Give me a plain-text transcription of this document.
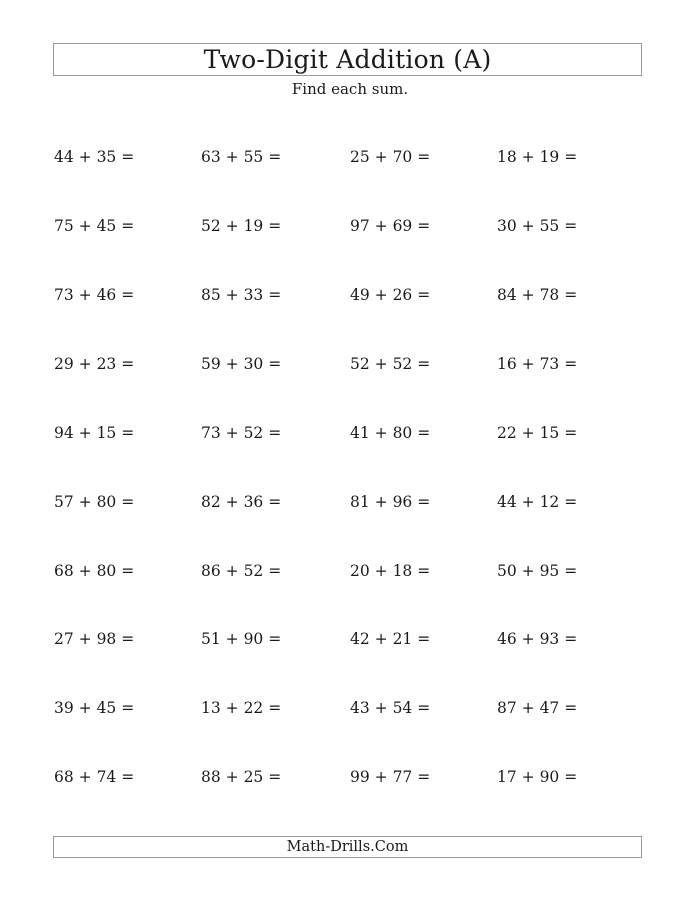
Two-Digit Addition (A)
Find each sum.
44 + 35 =	63 + 55 =	25 + 70 =	18 + 19 =
75 + 45 =	52 + 19 =	97 + 69 =	30 + 55 =
73 + 46 =	85 + 33 =	49 + 26 =	84 + 78 =
29 + 23 =	59 + 30 =	52 + 52 =	16 + 73 =
94 + 15 =	73 + 52 =	41 + 80 =	22 + 15 =
57 + 80 =	82 + 36 =	81 + 96 =	44 + 12 =
68 + 80 =	86 + 52 =	20 + 18 =	50 + 95 =
27 + 98 =	51 + 90 =	42 + 21 =	46 + 93 =
39 + 45 =	13 + 22 =	43 + 54 =	87 + 47 =
68 + 74 =	88 + 25 =	99 + 77 =	17 + 90 =
Math-Drills.Com
